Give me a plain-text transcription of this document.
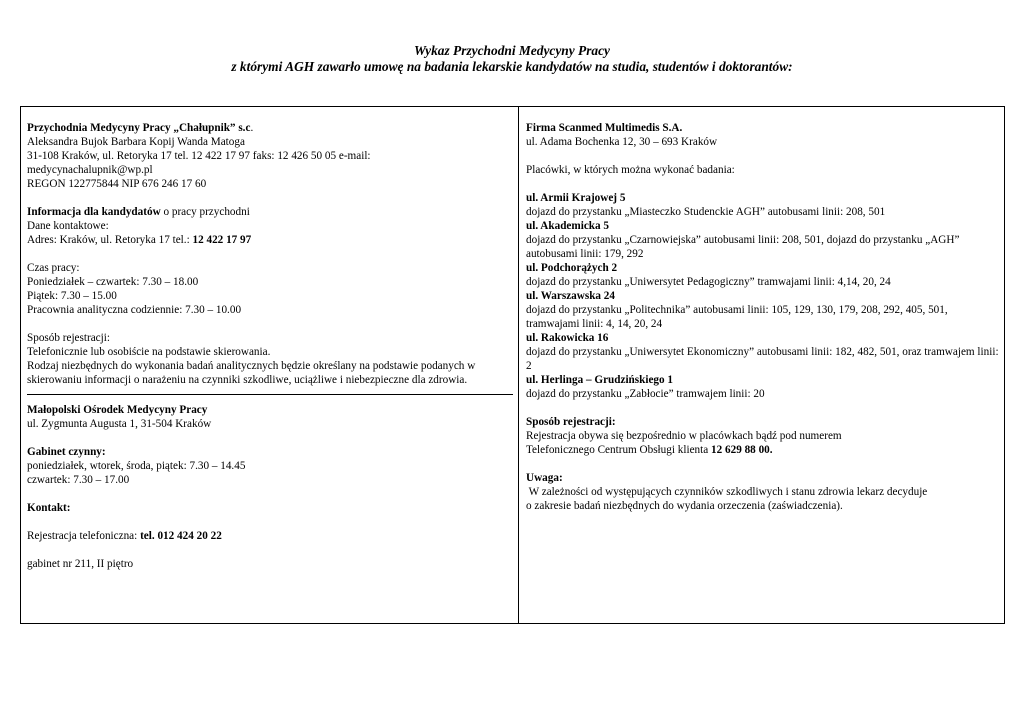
Wykaz Przychodni Medycyny Pracy
z którymi AGH zawarło umowę na badania lekarskie kandydatów na studia, studentów i doktorantów:
Przychodnia Medycyny Pracy „Chałupnik” s.c.
Aleksandra Bujok Barbara Kopij Wanda Matoga
31-108 Kraków, ul. Retoryka 17 tel. 12 422 17 97 faks: 12 426 50 05 e-mail:
medycynachalupnik@wp.pl
REGON 122775844 NIP 676 246 17 60
Informacja dla kandydatów o pracy przychodni
Dane kontaktowe:
Adres: Kraków, ul. Retoryka 17 tel.: 12 422 17 97
Czas pracy:
Poniedziałek – czwartek: 7.30 – 18.00
Piątek: 7.30 – 15.00
Pracownia analityczna codziennie: 7.30 – 10.00
Sposób rejestracji:
Telefonicznie lub osobiście na podstawie skierowania.
Rodzaj niezbędnych do wykonania badań analitycznych będzie określany na podstawie podanych w skierowaniu informacji o narażeniu na czynniki szkodliwe, uciążliwe i niebezpieczne dla zdrowia.
Małopolski Ośrodek Medycyny Pracy
ul. Zygmunta Augusta 1, 31-504 Kraków
Gabinet czynny:
poniedziałek, wtorek, środa, piątek: 7.30 – 14.45
czwartek: 7.30 – 17.00
Kontakt:
Rejestracja telefoniczna: tel. 012 424 20 22
gabinet nr 211, II piętro
Firma Scanmed Multimedis S.A.
ul. Adama Bochenka 12, 30 – 693 Kraków
Placówki, w których można wykonać badania:
ul. Armii Krajowej 5
dojazd do przystanku „Miasteczko Studenckie AGH” autobusami linii: 208, 501
ul. Akademicka 5
dojazd do przystanku „Czarnowiejska” autobusami linii: 208, 501, dojazd do przystanku „AGH” autobusami linii: 179, 292
ul. Podchorążych 2
dojazd do przystanku „Uniwersytet Pedagogiczny” tramwajami linii: 4,14, 20, 24
ul. Warszawska 24
dojazd do przystanku „Politechnika” autobusami linii: 105, 129, 130, 179, 208, 292, 405, 501, tramwajami linii: 4, 14, 20, 24
ul. Rakowicka 16
dojazd do przystanku „Uniwersytet Ekonomiczny” autobusami linii: 182, 482, 501, oraz tramwajem linii: 2
ul. Herlinga – Grudzińskiego 1
dojazd do przystanku „Zabłocie” tramwajem linii: 20
Sposób rejestracji:
Rejestracja obywa się bezpośrednio w placówkach bądź pod numerem
Telefonicznego Centrum Obsługi klienta 12 629 88 00.
Uwaga:
W zależności od występujących czynników szkodliwych i stanu zdrowia lekarz decyduje
o zakresie badań niezbędnych do wydania orzeczenia (zaświadczenia).
